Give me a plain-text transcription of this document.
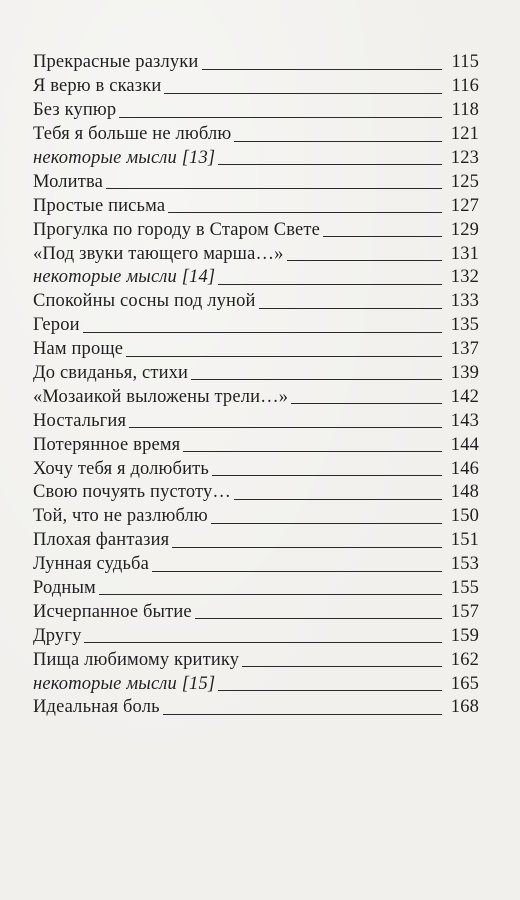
Прекрасные разлуки	115
Я верю в сказки	116
Без купюр	118
Тебя я больше не люблю	121
некоторые мысли [13]	123
Молитва	125
Простые письма	127
Прогулка по городу в Старом Свете	129
«Под звуки тающего марша…»	131
некоторые мысли [14]	132
Спокойны сосны под луной	133
Герои	135
Нам проще	137
До свиданья, стихи	139
«Мозаикой выложены трели…»	142
Ностальгия	143
Потерянное время	144
Хочу тебя я долюбить	146
Свою почуять пустоту…	148
Той, что не разлюблю	150
Плохая фантазия	151
Лунная судьба	153
Родным	155
Исчерпанное бытие	157
Другу	159
Пища любимому критику	162
некоторые мысли [15]	165
Идеальная боль	168
